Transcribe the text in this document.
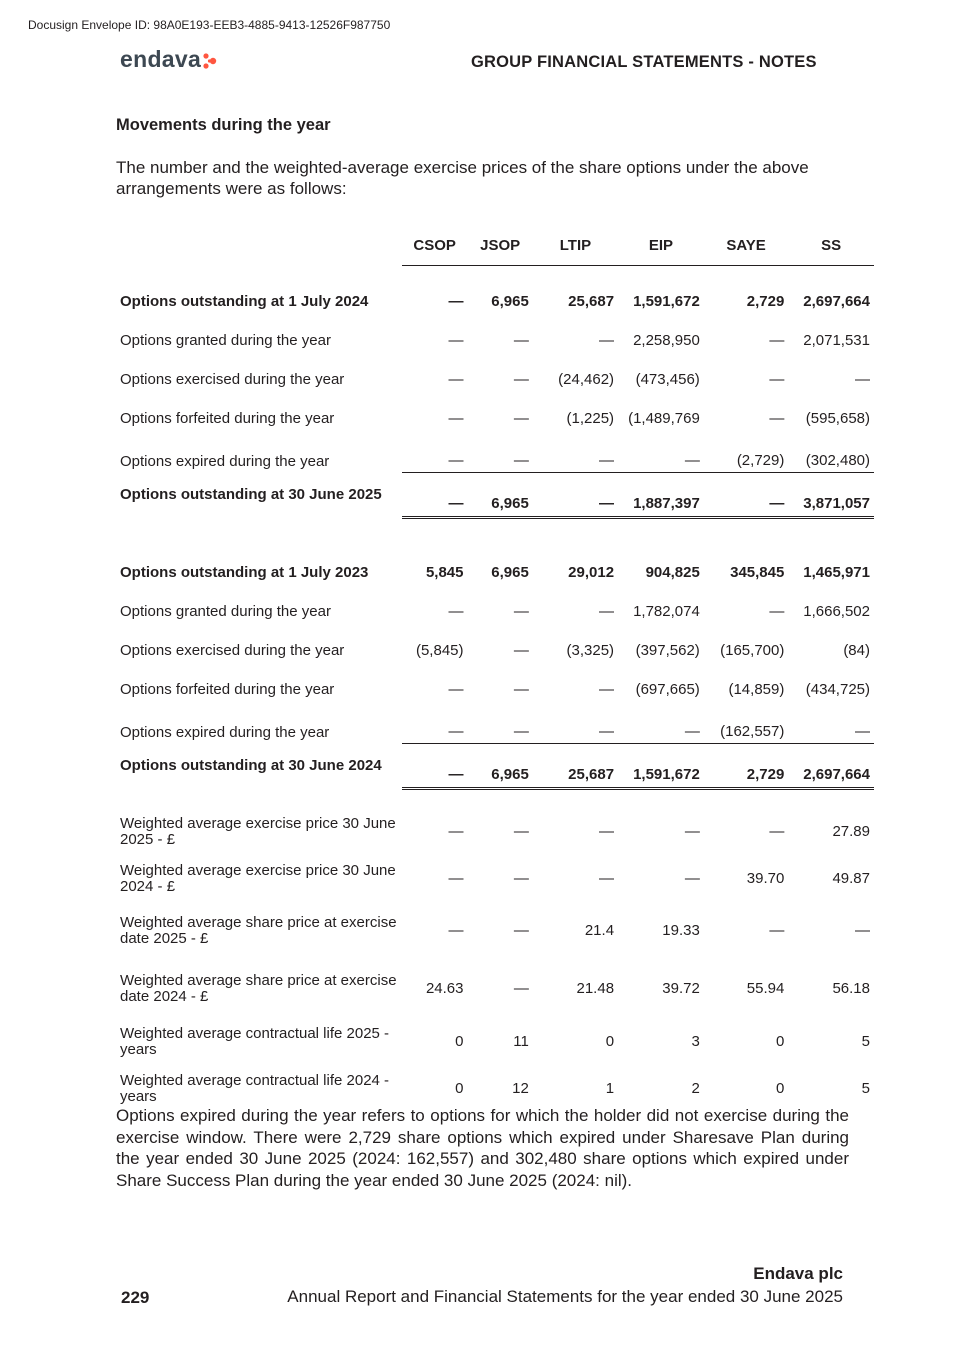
Docusign Envelope ID: 98A0E193-EEB3-4885-9413-12526F987750
endava	GROUP FINANCIAL STATEMENTS - NOTES
Movements during the year
The number and the weighted-average exercise prices of the share options under the above arrangements were as follows:
	CSOP	JSOP	LTIP	EIP	SAYE	SS

Options outstanding at 1 July 2024	—	6,965	25,687	1,591,672	2,729	2,697,664
Options granted during the year	—	—	—	2,258,950	—	2,071,531
Options exercised during the year	—	—	(24,462)	(473,456)	—	—
Options forfeited during the year	—	—	(1,225)	(1,489,769	—	(595,658)
Options expired during the year	—	—	—	—	(2,729)	(302,480)
Options outstanding at 30 June 2025	—	6,965	—	1,887,397	—	3,871,057

Options outstanding at 1 July 2023	5,845	6,965	29,012	904,825	345,845	1,465,971
Options granted during the year	—	—	—	1,782,074	—	1,666,502
Options exercised during the year	(5,845)	—	(3,325)	(397,562)	(165,700)	(84)
Options forfeited during the year	—	—	—	(697,665)	(14,859)	(434,725)
Options expired during the year	—	—	—	—	(162,557)	—
Options outstanding at 30 June 2024	—	6,965	25,687	1,591,672	2,729	2,697,664

Weighted average exercise price 30 June 2025 - £	—	—	—	—	—	27.89
Weighted average exercise price 30 June 2024 - £	—	—	—	—	39.70	49.87
Weighted average share price at exercise date 2025 - £	—	—	21.4	19.33	—	—
Weighted average share price at exercise date 2024 - £	24.63	—	21.48	39.72	55.94	56.18
Weighted average contractual life 2025 - years	0	11	0	3	0	5
Weighted average contractual life 2024 - years	0	12	1	2	0	5
Options expired during the year refers to options for which the holder did not exercise during the exercise window. There were 2,729 share options which expired under Sharesave Plan during the year ended 30 June 2025 (2024: 162,557) and 302,480 share options which expired under Share Success Plan during the year ended 30 June 2025 (2024: nil).
Endava plc
229	Annual Report and Financial Statements for the year ended 30 June 2025
